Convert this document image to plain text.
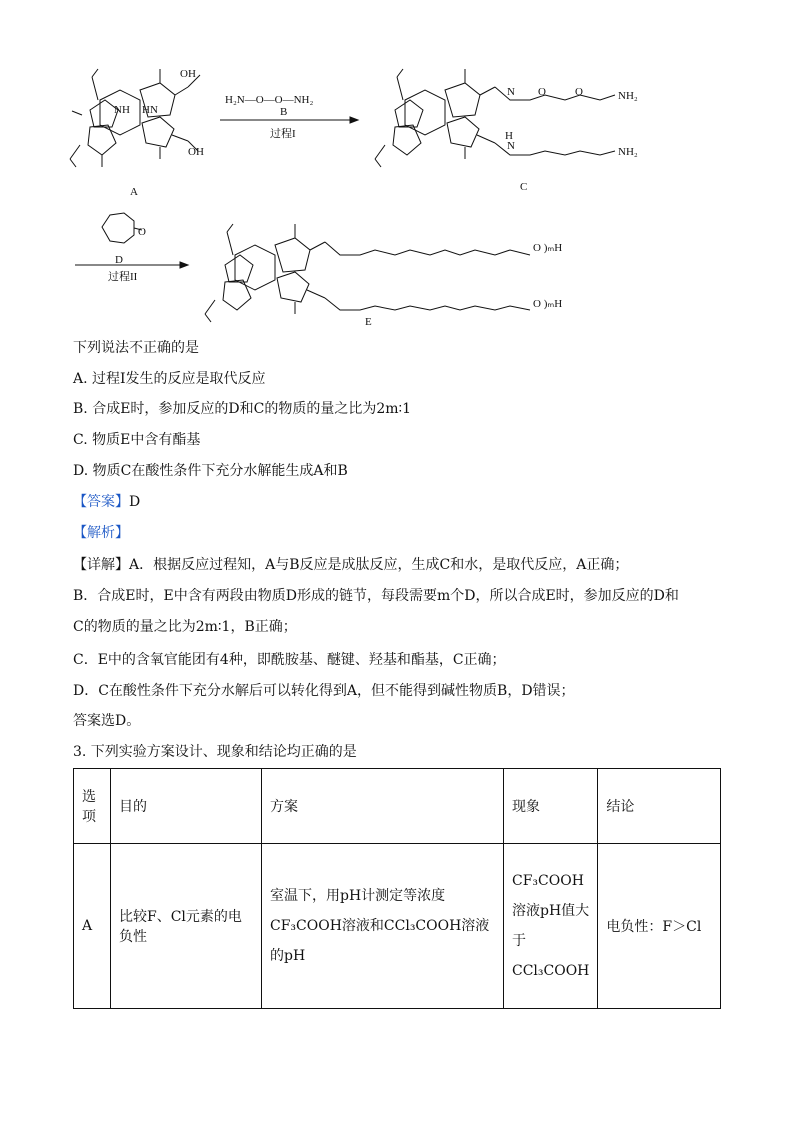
A
B
H₂N—O—O—NH₂
过程I
C
D
O
过程II
E
OH
OH
NH HN
NH₂
NH₂
N
N
H
O	O
O )ₘH
O )ₘH
下列说法不正确的是
A. 过程Ⅰ发生的反应是取代反应
B. 合成E时，参加反应的D和C的物质的量之比为2m∶1
C. 物质E中含有酯基
D. 物质C在酸性条件下充分水解能生成A和B
【答案】D
【解析】
【详解】A．根据反应过程知，A与B反应是成肽反应，生成C和水，是取代反应，A正确；
B．合成E时，E中含有两段由物质D形成的链节，每段需要m个D，所以合成E时，参加反应的D和
C的物质的量之比为2m∶1，B正确；
C．E中的含氧官能团有4种，即酰胺基、醚键、羟基和酯基，C正确；
D．C在酸性条件下充分水解后可以转化得到A，但不能得到碱性物质B，D错误；
答案选D。
3. 下列实验方案设计、现象和结论均正确的是
选项	目的	方案	现象	结论
A	比较F、Cl元素的电负性	室温下，用pH计测定等浓度CF₃COOH溶液和CCl₃COOH溶液的pH	CF₃COOH溶液pH值大于CCl₃COOH	电负性：F＞Cl
